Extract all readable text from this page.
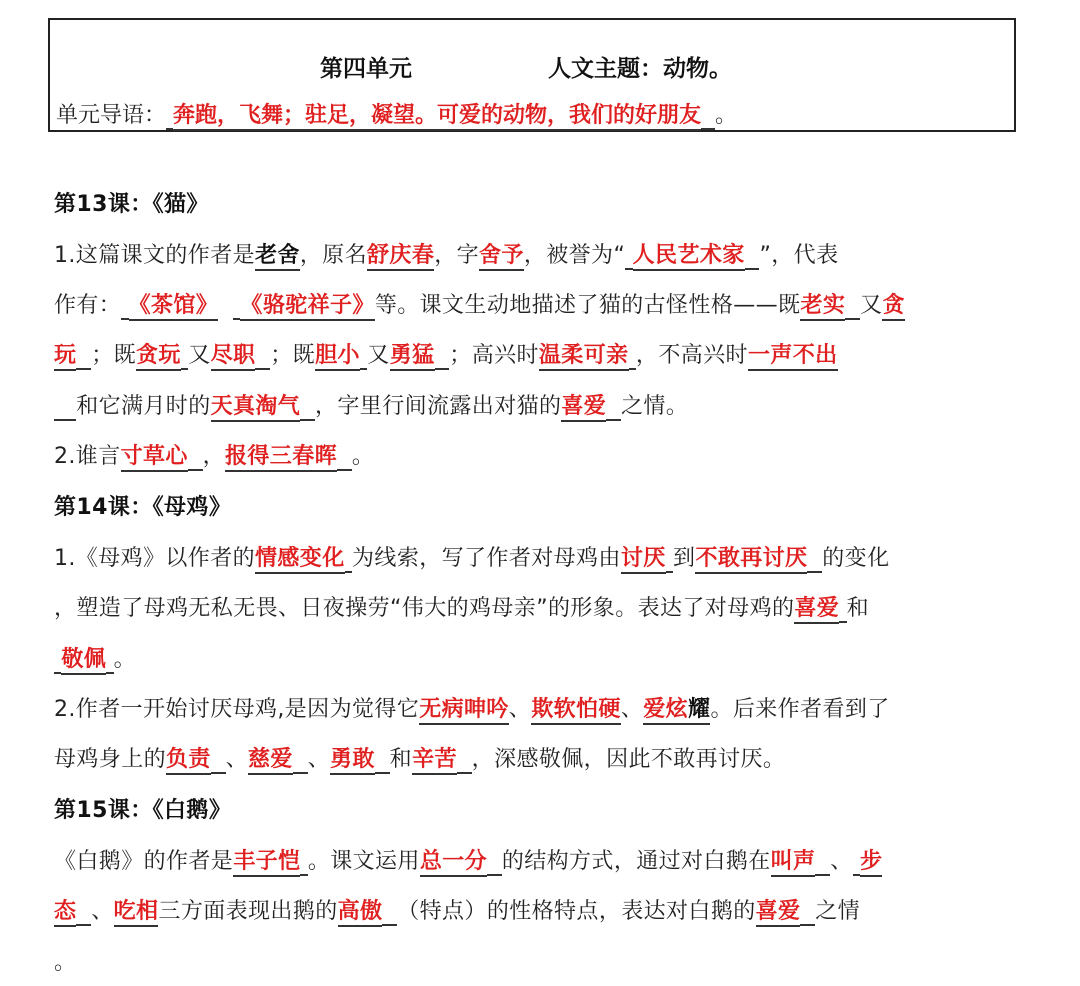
第四单元	人文主题：动物。
单元导语： 奔跑，飞舞；驻足，凝望。可爱的动物，我们的好朋友 。
第13课：《猫》
1.这篇课文的作者是老舍，原名舒庆春，字舍予，被誉为“ 人民艺术家 ”，代表
作有： 《茶馆》 《骆驼祥子》等。课文生动地描述了猫的古怪性格——既老实 又贪
玩 ；既贪玩 又尽职 ；既胆小 又勇猛 ；高兴时温柔可亲 ，不高兴时一声不出
和它满月时的天真淘气 ，字里行间流露出对猫的喜爱 之情。
2.谁言寸草心 ，报得三春晖 。
第14课：《母鸡》
1.《母鸡》以作者的情感变化 为线索，写了作者对母鸡由讨厌 到不敢再讨厌 的变化
，塑造了母鸡无私无畏、日夜操劳“伟大的鸡母亲”的形象。表达了对母鸡的喜爱 和
敬佩 。
2.作者一开始讨厌母鸡,是因为觉得它无病呻吟、欺软怕硬、爱炫耀。后来作者看到了
母鸡身上的负责 、慈爱 、勇敢 和辛苦 ，深感敬佩，因此不敢再讨厌。
第15课：《白鹅》
《白鹅》的作者是丰子恺 。课文运用总一分 的结构方式，通过对白鹅在叫声 、 步
态 、吃相三方面表现出鹅的高傲 （特点）的性格特点，表达对白鹅的喜爱 之情
。
